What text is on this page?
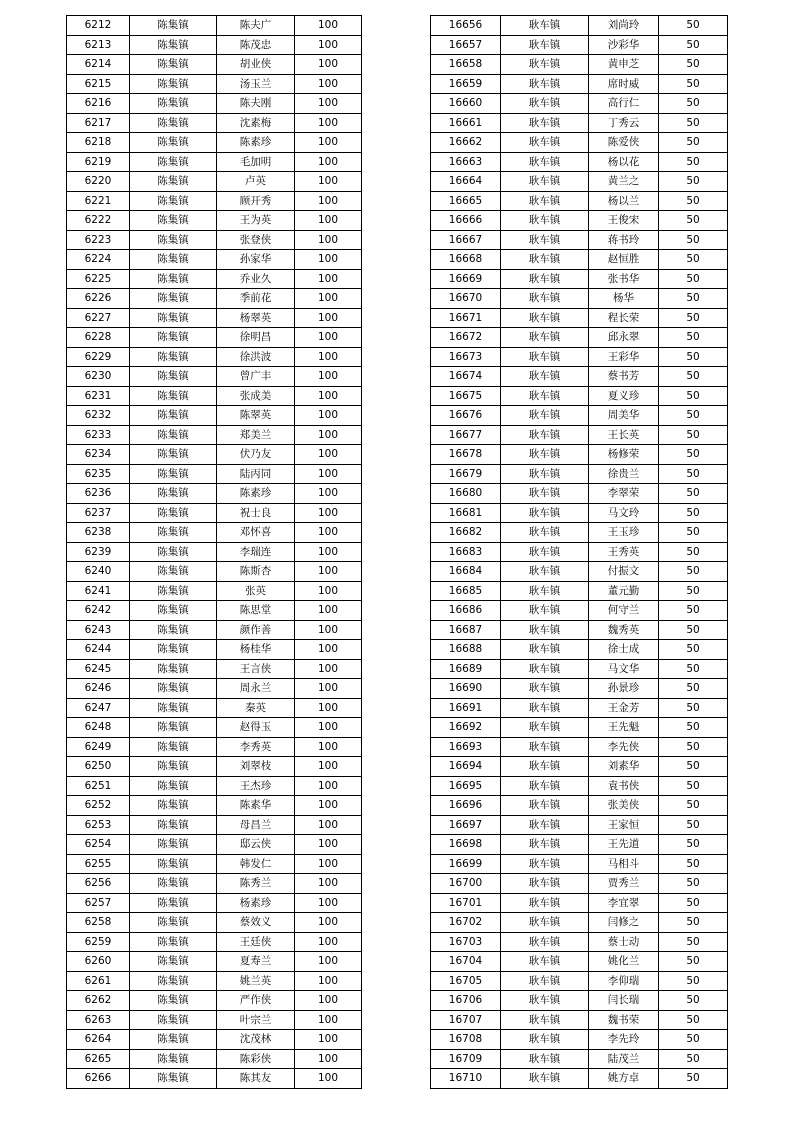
6212	陈集镇	陈夫广	100
6213	陈集镇	陈茂忠	100
6214	陈集镇	胡业侠	100
6215	陈集镇	汤玉兰	100
6216	陈集镇	陈夫刚	100
6217	陈集镇	沈素梅	100
6218	陈集镇	陈素珍	100
6219	陈集镇	毛加明	100
6220	陈集镇	卢英	100
6221	陈集镇	顾开秀	100
6222	陈集镇	王为英	100
6223	陈集镇	张登侠	100
6224	陈集镇	孙家华	100
6225	陈集镇	乔业久	100
6226	陈集镇	季前花	100
6227	陈集镇	杨翠英	100
6228	陈集镇	徐明昌	100
6229	陈集镇	徐洪波	100
6230	陈集镇	曾广丰	100
6231	陈集镇	张成美	100
6232	陈集镇	陈翠英	100
6233	陈集镇	郑美兰	100
6234	陈集镇	伏乃友	100
6235	陈集镇	陆丙同	100
6236	陈集镇	陈素珍	100
6237	陈集镇	祝士良	100
6238	陈集镇	邓怀喜	100
6239	陈集镇	李瑞连	100
6240	陈集镇	陈斯杏	100
6241	陈集镇	张英	100
6242	陈集镇	陈思堂	100
6243	陈集镇	颜作善	100
6244	陈集镇	杨桂华	100
6245	陈集镇	王言侠	100
6246	陈集镇	周永兰	100
6247	陈集镇	秦英	100
6248	陈集镇	赵得玉	100
6249	陈集镇	李秀英	100
6250	陈集镇	刘翠枝	100
6251	陈集镇	王杰珍	100
6252	陈集镇	陈素华	100
6253	陈集镇	母昌兰	100
6254	陈集镇	邸云侠	100
6255	陈集镇	韩发仁	100
6256	陈集镇	陈秀兰	100
6257	陈集镇	杨素珍	100
6258	陈集镇	蔡效义	100
6259	陈集镇	王廷侠	100
6260	陈集镇	夏寿兰	100
6261	陈集镇	姚兰英	100
6262	陈集镇	严作侠	100
6263	陈集镇	叶宗兰	100
6264	陈集镇	沈茂林	100
6265	陈集镇	陈彩侠	100
6266	陈集镇	陈其友	100
16656	耿车镇	刘尚玲	50
16657	耿车镇	沙彩华	50
16658	耿车镇	黄申芝	50
16659	耿车镇	席时威	50
16660	耿车镇	高行仁	50
16661	耿车镇	丁秀云	50
16662	耿车镇	陈爱侠	50
16663	耿车镇	杨以花	50
16664	耿车镇	黄兰之	50
16665	耿车镇	杨以兰	50
16666	耿车镇	王俊宋	50
16667	耿车镇	蒋书玲	50
16668	耿车镇	赵恒胜	50
16669	耿车镇	张书华	50
16670	耿车镇	杨华	50
16671	耿车镇	程长荣	50
16672	耿车镇	邱永翠	50
16673	耿车镇	王彩华	50
16674	耿车镇	蔡书芳	50
16675	耿车镇	夏义珍	50
16676	耿车镇	周美华	50
16677	耿车镇	王长英	50
16678	耿车镇	杨修荣	50
16679	耿车镇	徐贵兰	50
16680	耿车镇	李翠荣	50
16681	耿车镇	马文玲	50
16682	耿车镇	王玉珍	50
16683	耿车镇	王秀英	50
16684	耿车镇	付振文	50
16685	耿车镇	董元勤	50
16686	耿车镇	何守兰	50
16687	耿车镇	魏秀英	50
16688	耿车镇	徐士成	50
16689	耿车镇	马文华	50
16690	耿车镇	孙景珍	50
16691	耿车镇	王金芳	50
16692	耿车镇	王先魁	50
16693	耿车镇	李先侠	50
16694	耿车镇	刘素华	50
16695	耿车镇	袁书侠	50
16696	耿车镇	张美侠	50
16697	耿车镇	王家恒	50
16698	耿车镇	王先道	50
16699	耿车镇	马相斗	50
16700	耿车镇	贾秀兰	50
16701	耿车镇	李宜翠	50
16702	耿车镇	闫修之	50
16703	耿车镇	蔡士动	50
16704	耿车镇	姚化兰	50
16705	耿车镇	李仰瑞	50
16706	耿车镇	闫长瑞	50
16707	耿车镇	魏书荣	50
16708	耿车镇	李先玲	50
16709	耿车镇	陆茂兰	50
16710	耿车镇	姚方卓	50
